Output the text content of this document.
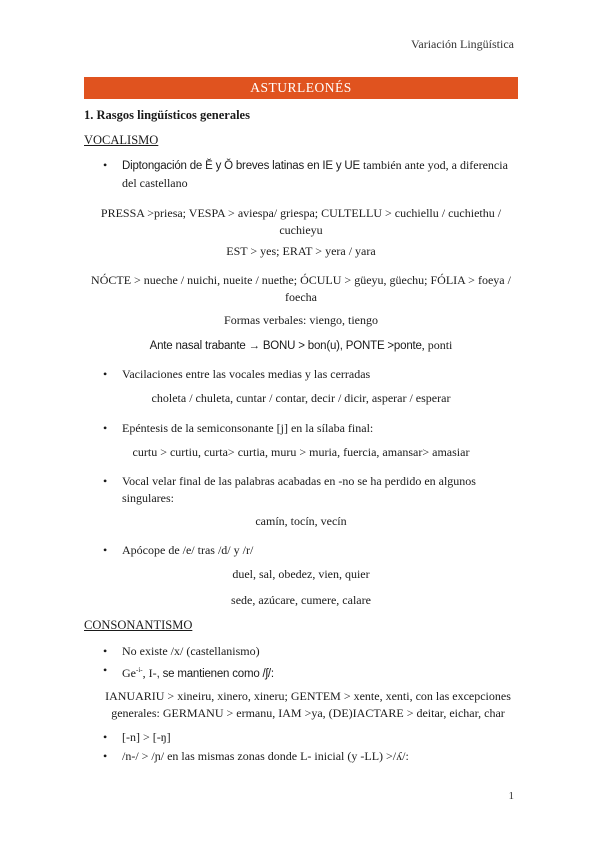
Variación Lingüística
ASTURLEONÉS
1. Rasgos lingüísticos generales
VOCALISMO
•	Diptongación de Ĕ y Ŏ breves latinas en IE y UE también ante yod, a diferencia del castellano
PRESSA >priesa; VESPA > aviespa/ griespa; CULTELLU > cuchiellu / cuchiethu / cuchieyu
EST > yes; ERAT > yera / yara
NÓCTE > nueche / nuichi, nueite / nuethe; ÓCULU > güeyu, güechu; FÓLIA > foeya / foecha
Formas verbales: viengo, tiengo
Ante nasal trabante → BONU > bon(u), PONTE >ponte, ponti
•	Vacilaciones entre las vocales medias y las cerradas
choleta / chuleta, cuntar / contar, decir / dicir, asperar / esperar
•	Epéntesis de la semiconsonante [j] en la sílaba final:
curtu > curtiu, curta> curtia, muru > muria, fuercia, amansar> amasiar
•	Vocal velar final de las palabras acabadas en -no se ha perdido en algunos singulares:
camín, tocín, vecín
•	Apócope de /e/ tras /d/ y /r/
duel, sal, obedez, vien, quier
sede, azúcare, cumere, calare
CONSONANTISMO
•	No existe /x/ (castellanismo)
•	$Ge^{-i-}$, I-, se mantienen como /ʃ/:
IANUARIU > xineiru, xinero, xineru; GENTEM > xente, xenti, con las excepciones generales: GERMANU > ermanu, IAM >ya, (DE)IACTARE > deitar, eichar, char
•	[-n] > [-ŋ]
•	/n-/ > /ɲ/ en las mismas zonas donde L- inicial (y -LL) >/ʎ/:
1
